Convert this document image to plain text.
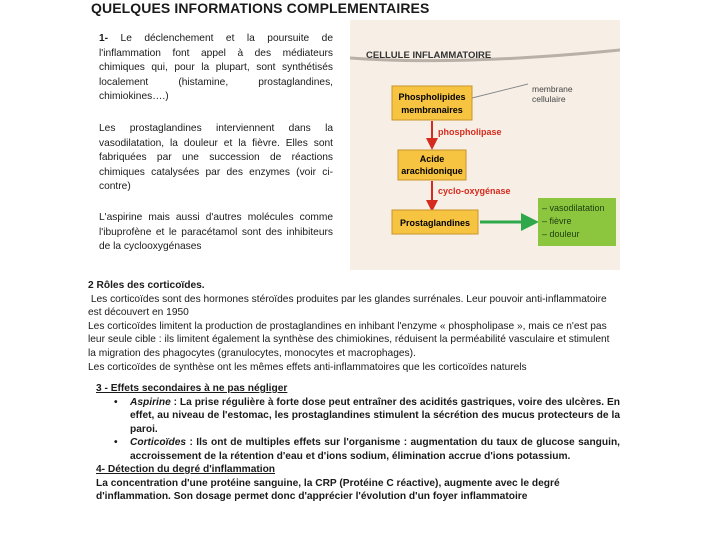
QUELQUES INFORMATIONS COMPLEMENTAIRES
1- Le déclenchement et la poursuite de l'inflammation font appel à des médiateurs chimiques qui, pour la plupart, sont synthétisés localement (histamine, prostaglandines, chimiokines….)
Les prostaglandines interviennent dans la vasodilatation, la douleur et la fièvre. Elles sont fabriquées par une succession de réactions chimiques catalysées par des enzymes (voir ci-contre)
L'aspirine mais aussi d'autres molécules comme l'ibuprofène et le paracétamol sont des inhibiteurs de la cyclooxygénases
CELLULE INFLAMMATOIRE
Phospholipides
membranaires
membrane
cellulaire
phospholipase
Acide
arachidonique
cyclo-oxygénase
Prostaglandines
– vasodilatation
– fièvre
– douleur
2 Rôles des corticoïdes.
Les corticoïdes sont des hormones stéroïdes produites par les glandes surrénales. Leur pouvoir anti-inflammatoire
est découvert en 1950
Les corticoïdes limitent la production de prostaglandines en inhibant l'enzyme « phospholipase », mais ce n'est pas
leur seule cible : ils limitent également la synthèse des chimiokines, réduisent la perméabilité vasculaire et stimulent
la migration des phagocytes (granulocytes, monocytes et macrophages).
Les corticoïdes de synthèse ont les mêmes effets anti-inflammatoires que les corticoïdes naturels
3 - Effets secondaires à ne pas négliger
• Aspirine : La prise régulière à forte dose peut entraîner des acidités gastriques, voire des ulcères. En effet, au niveau de l'estomac, les prostaglandines stimulent la sécrétion des mucus protecteurs de la paroi.
• Corticoïdes : Ils ont de multiples effets sur l'organisme : augmentation du taux de glucose sanguin, accroissement de la rétention d'eau et d'ions sodium, élimination accrue d'ions potassium.
4- Détection du degré d'inflammation
La concentration d'une protéine sanguine, la CRP (Protéine C réactive), augmente avec le degré d'inflammation. Son dosage permet donc d'apprécier l'évolution d'un foyer inflammatoire
